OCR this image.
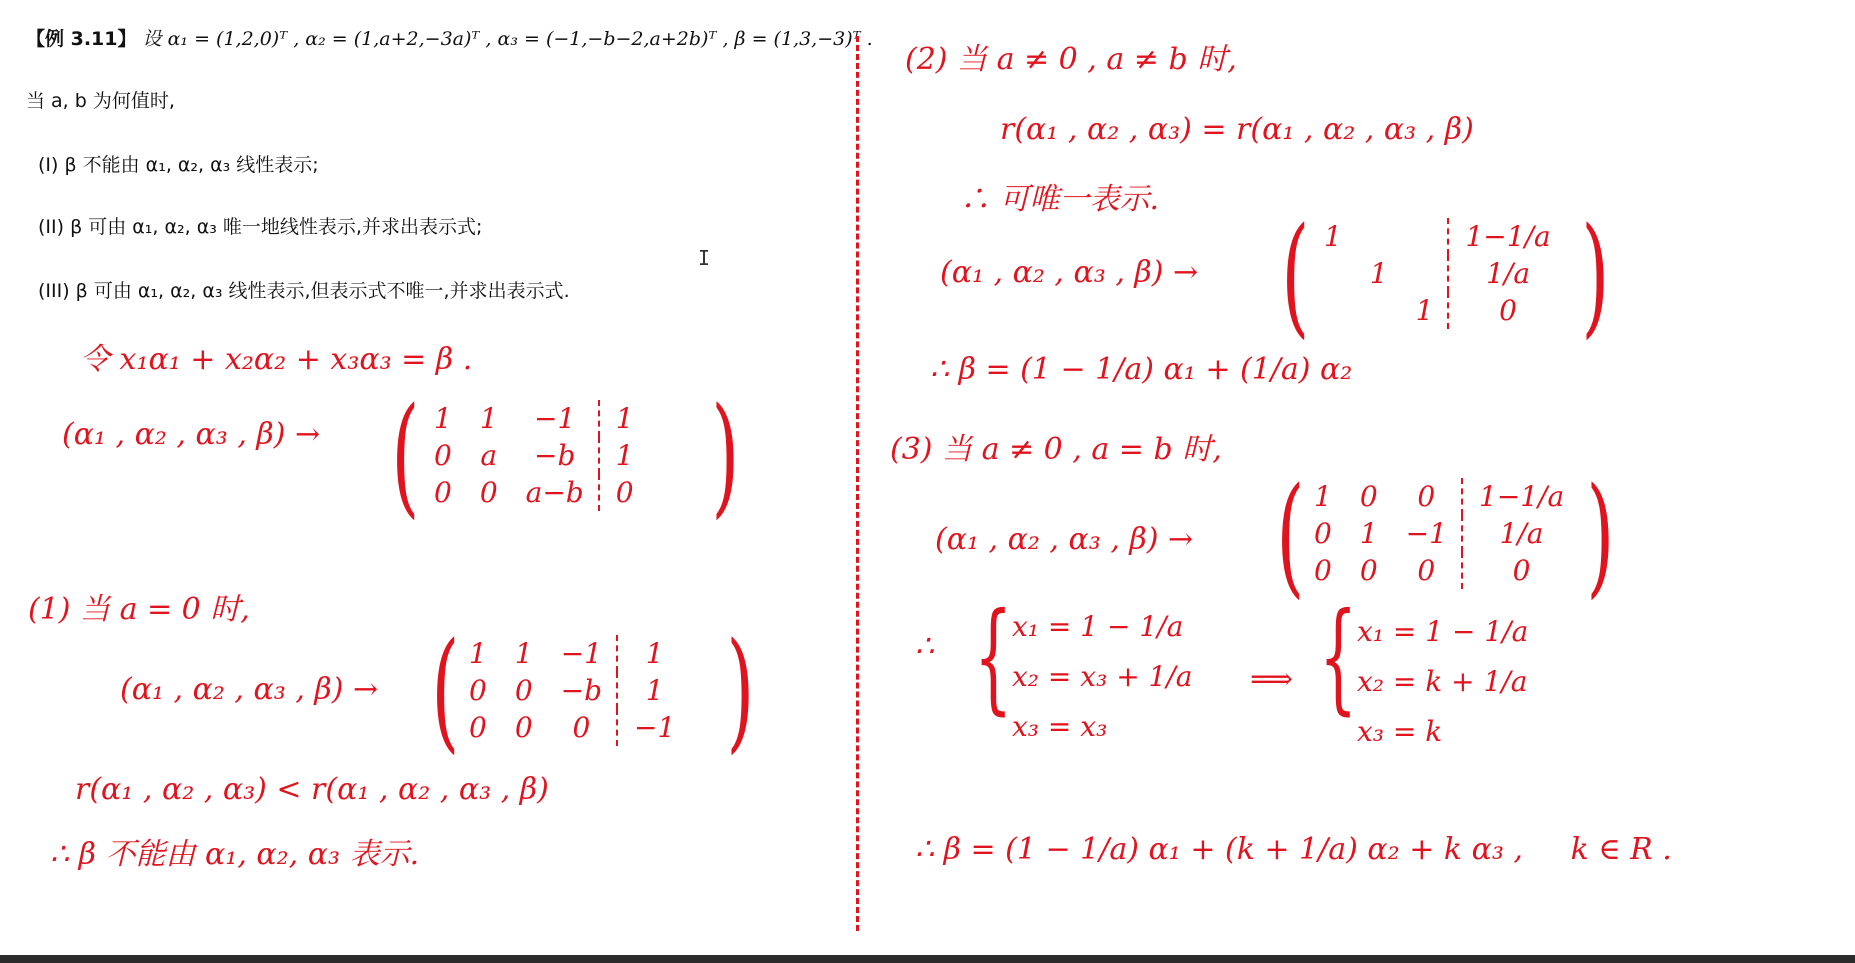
【例 3.11】 设 α₁ = (1,2,0)ᵀ , α₂ = (1,a+2,−3a)ᵀ , α₃ = (−1,−b−2,a+2b)ᵀ , β = (1,3,−3)ᵀ .
当 a, b 为何值时,
(I) β 不能由 α₁, α₂, α₃ 线性表示;
(II) β 可由 α₁, α₂, α₃ 唯一地线性表示,并求出表示式;
(III) β 可由 α₁, α₂, α₃ 线性表示,但表示式不唯一,并求出表示式.
I
令 x₁α₁ + x₂α₂ + x₃α₃ = β .
(α₁ , α₂ , α₃ , β) → ( 1	1	−1	1
0	a	−b	1
0	0	a−b	0 )
(1) 当 a = 0 时,
(α₁ , α₂ , α₃ , β) → ( 1	1	−1	1
0	0	−b	1
0	0	0	−1 )
r(α₁ , α₂ , α₃) < r(α₁ , α₂ , α₃ , β)
∴ β 不能由 α₁, α₂, α₃ 表示.
(2) 当 a ≠ 0 , a ≠ b 时,
r(α₁ , α₂ , α₃) = r(α₁ , α₂ , α₃ , β)
∴ 可唯一表示.
(α₁ , α₂ , α₃ , β) → ( 1			1−1/a
	1		1/a
		1	0 )
∴ β = (1 − 1/a) α₁ + (1/a) α₂
(3) 当 a ≠ 0 , a = b 时,
(α₁ , α₂ , α₃ , β) → ( 1	0	0	1−1/a
0	1	−1	1/a
0	0	0	0 )
∴ { x₁ = 1 − 1/a
x₂ = x₃ + 1/a
x₃ = x₃
⟹ { x₁ = 1 − 1/a
x₂ = k + 1/a
x₃ = k
∴ β = (1 − 1/a) α₁ + (k + 1/a) α₂ + k α₃ ,     k ∈ R .
